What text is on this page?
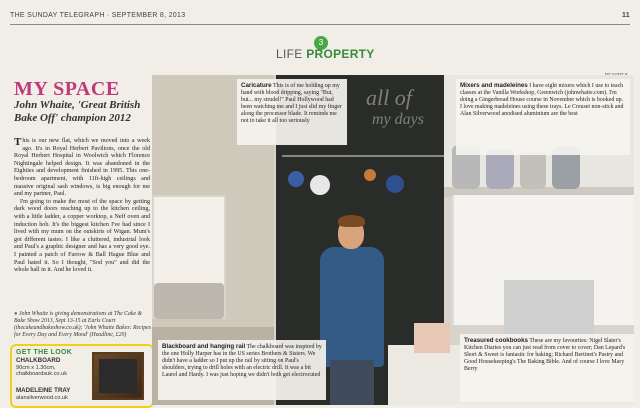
THE SUNDAY TELEGRAPH · SEPTEMBER 8, 2013	11
3
LIFE PROPERTY
MY SPACE
John Whaite, 'Great British Bake Off' champion 2012

This is our new flat, which we moved into a week ago. It's in Royal Herbert Pavilions, once the old Royal Herbert Hospital in Woolwich which Florence Nightingale helped design. It was abandoned in the Eighties and development finished in 1995. This one-bedroom apartment, with 11ft-high ceilings and massive original sash windows, is big enough for me and my partner, Paul.

I'm going to make the most of the space by getting dark wood doors reaching up to the kitchen ceiling, with a little ladder, a copper worktop, a Neff oven and induction hob. It's the biggest kitchen I've had since I lived with my mum on the outskirts of Wigan. Mum's got different tastes. I like a cluttered, industrial look and Paul's a graphic designer and has a very good eye. I painted a patch of Farrow & Ball Hague Blue and Paul hated it. So I thought, "Sod you" and did the whole hall in it. And he loved it.

● John Whaite is giving demonstrations at The Cake & Bake Show 2013, Sept 13-15 at Earls Court (thecakeandbakeshow.co.uk); 'John Whaite Bakes: Recipes for Every Day and Every Mood' (Headline, £20)
GET THE LOOK
CHALKBOARD
90cm x 1.30cm,
chalkboardsuk.co.uk
MADELEINE TRAY
alansilverwood.co.uk
all of
my days
Caricature This is of me holding up my hand with blood dripping, saying "But, but... my strudel!" Paul Hollywood had been watching me and I just slid my finger along the processor blade. It reminds me not to take it all too seriously
Mixers and madeleines I have eight mixers which I use to teach classes at the Vanilla Workshop, Greenwich (johnwhaite.com). I'm doing a Gingerbread House course in November which is booked up. I love making madeleines using these trays. Le Creuset non-stick and Alan Silverwood anodised aluminium are the best
Blackboard and hanging rail The chalkboard was inspired by the one Holly Harper has in the US series Brothers & Sisters. We didn't have a ladder so I put up the rail by sitting on Paul's shoulders, trying to drill holes with an electric drill. It was a bit Laurel and Hardy. I was just hoping we didn't both get electrocuted
Treasured cookbooks These are my favourites: Nigel Slater's Kitchen Diaries you can just read from cover to cover; Dan Lepard's Short & Sweet is fantastic for baking; Richard Bertinet's Pastry and Good Housekeeping's The Baking Bible. And of course I love Mary Berry
